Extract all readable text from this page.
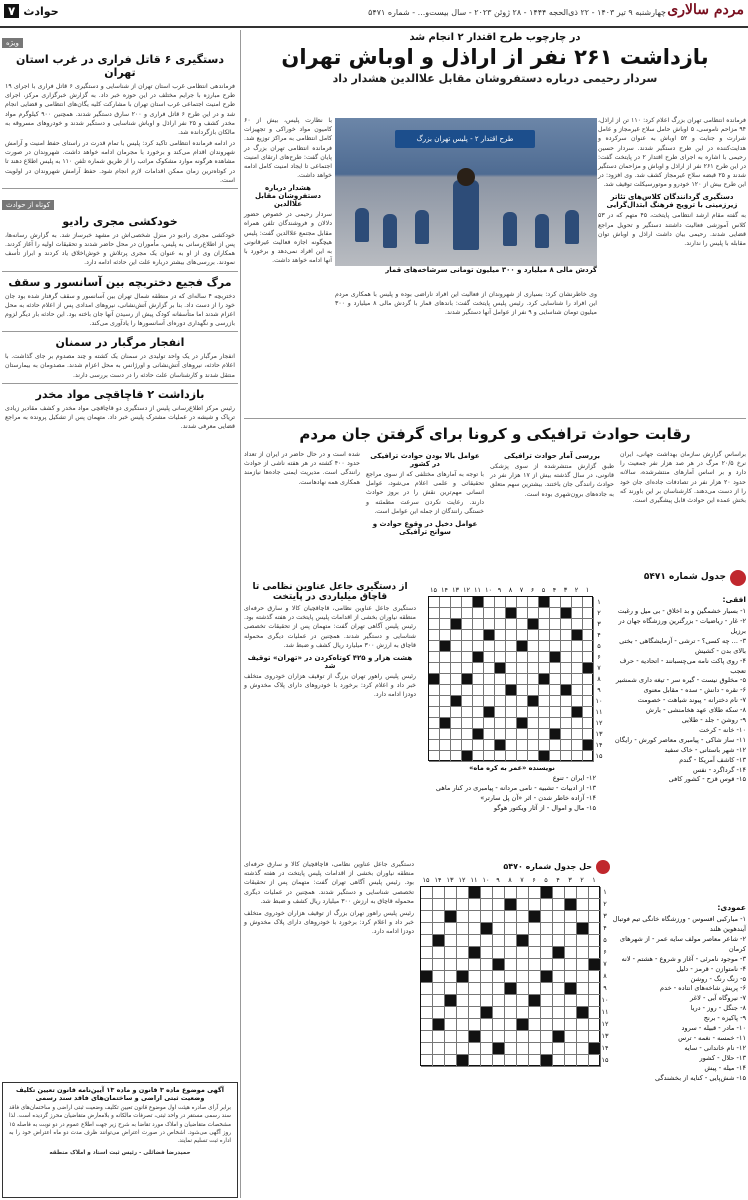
مردم سالاری
چهارشنبه ۹ تیر ۱۴۰۳ - ۲۲ ذی‌الحجه ۱۴۴۴ - ۲۸ ژوئن ۲۰۲۳ - سال بیست‌و... - شماره ۵۴۷۱
حوادث
۷
ویژه
دستگیری ۶ قاتل فراری در غرب استان تهران
فرماندهی انتظامی غرب استان تهران از شناسایی و دستگیری ۶ قاتل فراری با اجرای ۱۹ طرح مبارزه با جرایم مختلف در این حوزه خبر داد. به گزارش خبرگزاری مرکز، اجرای طرح امنیت اجتماعی غرب استان تهران با مشارکت کلیه یگان‌های انتظامی و قضایی انجام شد و در این طرح ۶ قاتل فراری و ۲۰۰ سارق دستگیر شدند. همچنین ۹۰۰ کیلوگرم مواد مخدر کشف و ۲۵ نفر اراذل و اوباش شناسایی و دستگیر شدند و خودروهای مسروقه به مالکان بازگردانده شد.
در ادامه فرمانده انتظامی تاکید کرد: پلیس با تمام قدرت در راستای حفظ امنیت و آرامش شهروندان اقدام می‌کند و برخورد با مجرمان ادامه خواهد داشت. شهروندان در صورت مشاهده هرگونه موارد مشکوک مراتب را از طریق شماره تلفن ۱۱۰ به پلیس اطلاع دهند تا در کوتاه‌ترین زمان ممکن اقدامات لازم انجام شود. حفظ آرامش شهروندان در اولویت است.
کوتاه از حوادث
خودکشی مجری رادیو
خودکشی مجری رادیو در منزل شخصی‌اش در مشهد خبرساز شد. به گزارش رسانه‌ها، پس از اطلاع‌رسانی به پلیس، مأموران در محل حاضر شدند و تحقیقات اولیه را آغاز کردند. همکاران وی از او به عنوان یک مجری پرتلاش و خوش‌اخلاق یاد کردند و ابراز تأسف نمودند. بررسی‌های بیشتر درباره علت این حادثه ادامه دارد.
مرگ فجیع دختربچه بین آسانسور و سقف
دختربچه ۴ ساله‌ای که در منطقه شمال تهران بین آسانسور و سقف گرفتار شده بود جان خود را از دست داد. بنا بر گزارش آتش‌نشانی، نیروهای امدادی پس از اعلام حادثه به محل اعزام شدند اما متأسفانه کودک پیش از رسیدن آنها جان باخته بود. این حادثه بار دیگر لزوم بازرسی و نگهداری دوره‌ای آسانسورها را یادآوری می‌کند.
انفجار مرگبار در سمنان
انفجار مرگبار در یک واحد تولیدی در سمنان یک کشته و چند مصدوم بر جای گذاشت. با اعلام حادثه، نیروهای آتش‌نشانی و اورژانس به محل اعزام شدند. مصدومان به بیمارستان منتقل شدند و کارشناسان علت حادثه را در دست بررسی دارند.
بازداشت ۲ قاچاقچی مواد مخدر
رئیس مرکز اطلاع‌رسانی پلیس از دستگیری دو قاچاقچی مواد مخدر و کشف مقادیر زیادی تریاک و شیشه در عملیات مشترک پلیس خبر داد. متهمان پس از تشکیل پرونده به مراجع قضایی معرفی شدند.
آگهی موضوع ماده ۳ قانون و ماده ۱۳ آیین‌نامه قانون تعیین تکلیف وضعیت ثبتی اراضی و ساختمان‌های فاقد سند رسمی
برابر آرای صادره هیئت اول موضوع قانون تعیین تکلیف وضعیت ثبتی اراضی و ساختمان‌های فاقد سند رسمی مستقر در واحد ثبتی، تصرفات مالکانه و بلامعارض متقاضیان محرز گردیده است. لذا مشخصات متقاضیان و املاک مورد تقاضا به شرح زیر جهت اطلاع عموم در دو نوبت به فاصله ۱۵ روز آگهی می‌شود. اشخاص در صورت اعتراض می‌توانند ظرف مدت دو ماه اعتراض خود را به اداره ثبت تسلیم نمایند.
حمیدرضا فضائلی - رئیس ثبت اسناد و املاک منطقه
در چارچوب طرح اقتدار ۲ انجام شد
بازداشت ۲۶۱ نفر از اراذل و اوباش تهران
سردار رحیمی درباره دستفروشان مقابل علاالدین هشدار داد
فرمانده انتظامی تهران بزرگ اعلام کرد: ۱۱۰ تن از اراذل، ۹۴ مزاحم ناموسی، ۵ اوباش حامل سلاح غیرمجاز و عامل شرارت و جنایت و ۵۲ اوباش به عنوان سرکرده و هدایت‌کننده در این طرح دستگیر شدند. سردار حسین رحیمی با اشاره به اجرای طرح اقتدار ۲ در پایتخت گفت: در این طرح ۲۶۱ نفر از اراذل و اوباش و مزاحمان دستگیر شدند و ۲۵ قبضه سلاح غیرمجاز کشف شد. وی افزود: در این طرح بیش از ۱۲۰ خودرو و موتورسیکلت توقیف شد.
دستگیری گردانندگان کلاس‌های تئاتر زیرزمینی با ترویج فرهنگ ابتذال‌گرایی
به گفته مقام ارشد انتظامی پایتخت، ۴۵ متهم که در ۵۳ کلاس آموزشی فعالیت داشتند دستگیر و تحویل مراجع قضایی شدند. رحیمی بیان داشت اراذل و اوباش توان مقابله با پلیس را ندارند.
طرح اقتدار ۲ - پلیس تهران بزرگ
گردش مالی ۸ میلیارد و ۳۰۰ میلیون تومانی سرشاخه‌های قمار
با نظارت پلیس، بیش از ۶۰ کامیون مواد خوراکی و تجهیزات کامل انتظامی به مراکز توزیع شد. فرمانده انتظامی تهران بزرگ در پایان گفت: طرح‌های ارتقای امنیت اجتماعی تا ایجاد امنیت کامل ادامه خواهد داشت.
هشدار درباره دستفروشان مقابل علاالدین
سردار رحیمی در خصوص حضور دلالان و فروشندگان تلفن همراه مقابل مجتمع علاالدین گفت: پلیس هیچگونه اجازه فعالیت غیرقانونی به این افراد نمی‌دهد و برخورد با آنها ادامه خواهد داشت.
وی خاطرنشان کرد: بسیاری از شهروندان از فعالیت این افراد ناراضی بوده و پلیس با همکاری مردم این افراد را شناسایی کرد. رئیس پلیس پایتخت گفت: باندهای قمار با گردش مالی ۸ میلیارد و ۳۰۰ میلیون تومان شناسایی و ۹ نفر از عوامل آنها دستگیر شدند.
رقابت حوادث ترافیکی و کرونا برای گرفتن جان مردم
براساس گزارش سازمان بهداشت جهانی، ایران نرخ ۲۰/۵ مرگ در هر صد هزار نفر جمعیت را دارد و بر اساس آمارهای منتشرشده، سالانه حدود ۲۰ هزار نفر در تصادفات جاده‌ای جان خود را از دست می‌دهند. کارشناسان بر این باورند که بخش عمده این حوادث قابل پیشگیری است.
بررسی آمار حوادث ترافیکی
طبق گزارش منتشرشده از سوی پزشکی قانونی، در سال گذشته بیش از ۱۷ هزار نفر در حوادث رانندگی جان باختند. بیشترین سهم متعلق به جاده‌های برون‌شهری بوده است.
عوامل بالا بودن حوادث ترافیکی در کشور
با توجه به آمارهای مختلفی که از سوی مراجع تحقیقاتی و علمی اعلام می‌شود، عوامل انسانی مهم‌ترین نقش را در بروز حوادث دارند. رعایت نکردن سرعت مطمئنه و خستگی رانندگان از جمله این عوامل است.
عوامل دخیل در وقوع حوادث و سوانح ترافیکی
شده است و در حال حاضر در ایران از تعداد حدود ۴۰۰ کشته در هر هفته ناشی از حوادث رانندگی است. مدیریت ایمنی جاده‌ها نیازمند همکاری همه نهادهاست.
از دستگیری جاعل عناوین نظامی تا قاچاق میلیاردی در پایتخت
دستگیری جاعل عناوین نظامی، قاچاقچیان کالا و سارق حرفه‌ای منطقه نیاوران بخشی از اقدامات پلیس پایتخت در هفته گذشته بود. رئیس پلیس آگاهی تهران گفت: متهمان پس از تحقیقات تخصصی شناسایی و دستگیر شدند. همچنین در عملیات دیگری محموله قاچاق به ارزش ۳۰۰ میلیارد ریال کشف و ضبط شد.
هشت هزار و ۴۲۵ کوتاه‌کردن در «تهران» توقیف شد
رئیس پلیس راهور تهران بزرگ از توقیف هزاران خودروی متخلف خبر داد و اعلام کرد: برخورد با خودروهای دارای پلاک مخدوش و دودزا ادامه دارد.
جدول شماره ۵۴۷۱
۱
۲
۳
۴
۵
۶
۷
۸
۹
۱۰
۱۱
۱۲
۱۳
۱۴
۱۵
۱
۲
۳
۴
۵
۶
۷
۸
۹
۱۰
۱۱
۱۲
۱۳
۱۴
۱۵
نویسنده «عمر به کره ماه»
۱۲- ایران - تنوع
۱۳- از ادبیات - تشبیه - نامی مردانه - پیامبری در کنار ماهی
۱۴- آزاده خاطر شدن - اثر «آن پل سارتر»
۱۵- مال و اموال - از آثار ویکتور هوگو
افقی:
۱- بسیار خشمگین و بد اخلاق - بی میل و رغبت
۲- غار - ریاضیات - بزرگترین ورزشگاه جهان در برزیل
۳- ... چه کسی؟ - ترشی - آزمایشگاهی - بختی بالای بدن - کشیش
۴- روی پاکت نامه می‌چسبانند - اتحادیه - حرف تعجب
۵- مخلوق نیست - گیره سر - تیغه داری شمشیر
۶- نقره - دانش - سده - مقابل معنوی
۷- نام دخترانه - پیوند شیاهت - خصومت
۸- سکه طلای عهد هخامنشی - بارش
۹- روشن - جلد - طلایی
۱۰- خانه - کرخت
۱۱- ساز شاکی - پیامبری معاصر کورش - رایگان
۱۲- شهر باستانی - خاک سفید
۱۳- کاشف آمریکا - گندم
۱۴- گرداگرد - نفس
۱۵- قوس قزح - کشور کافی
عمودی:
۱- مبارکبی افسوس - ورزشگاه خانگی تیم فوتبال آیندهوین هلند
۲- شاعر معاصر مولف سایه عمر - از شهرهای کرمان
۳- موجود نامرئی - آغاز و شروع - هشتم - لانه
۴- نامتوازن - قرمز - دلیل
۵- زنگ رنگ - روشن
۶- پریش شاخه‌های انتاده - خدم
۷- نیروگاه آبی - لاغر
۸- جنگل - روز - دریا
۹- پاکیزه - برنج
۱۰- مادر - قبیله - سرود
۱۱- خمسه - نغمه - ترس
۱۲- نام خاندانی - سایه
۱۳- حلال - کشور
۱۴- میله - پیش
۱۵- شش‌پایی - کنایه از بخشندگی
حل جدول شماره ۵۴۷۰
۱
۲
۳
۴
۵
۶
۷
۸
۹
۱۰
۱۱
۱۲
۱۳
۱۴
۱۵
۱
۲
۳
۴
۵
۶
۷
۸
۹
۱۰
۱۱
۱۲
۱۳
۱۴
۱۵
دستگیری جاعل عناوین نظامی، قاچاقچیان کالا و سارق حرفه‌ای منطقه نیاوران بخشی از اقدامات پلیس پایتخت در هفته گذشته بود. رئیس پلیس آگاهی تهران گفت: متهمان پس از تحقیقات تخصصی شناسایی و دستگیر شدند. همچنین در عملیات دیگری محموله قاچاق به ارزش ۳۰۰ میلیارد ریال کشف و ضبط شد.
رئیس پلیس راهور تهران بزرگ از توقیف هزاران خودروی متخلف خبر داد و اعلام کرد: برخورد با خودروهای دارای پلاک مخدوش و دودزا ادامه دارد.
